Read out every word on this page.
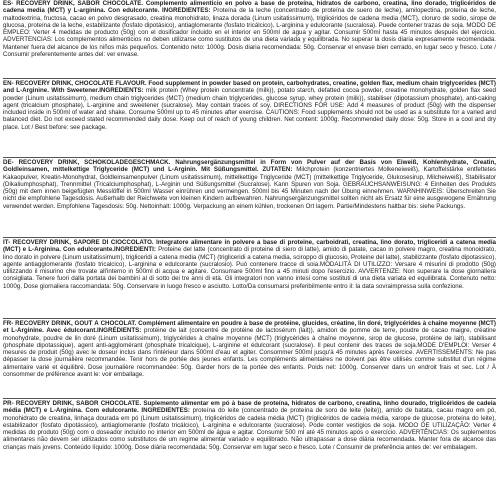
ES- RECOVERY DRINK, SABOR CHOCOLATE. Complemento alimenticio en polvo a base de proteína, hidratos de carbono, creatina, lino dorado, triglicéridos de cadena media (MCT) y L-arginina. Con edulcorante. INGREDIENTES: Proteína de la leche (concentrado de proteína de suero de leche), amilopectina, proteína de leche, maltodextrina, fructosa, cacao en polvo desgrasado, creatina monohidrato, linaza dorada (Linum usitatissimum), triglicéridos de cadena media (MCT), cloruro de sodio, sirope de glucosa, proteína de la leche, estabilizante (fosfato dipotásico), antiaglomerante (fosfato tricálcico), L-arginina y edulcorante (sucralosa). Puede contener trazas de soja. MODO DE EMPLEO: Verter 4 medidas de producto (50g) con el dosificador incluido en el interior en 500ml de agua y agitar. Consumir 500ml hasta 45 minutos después del ejercicio. ADVERTENCIAS: Los complementos alimenticios no deben utilizarse como sustitutos de una dieta variada y equilibrada. No superar la dosis diaria expresamente recomendada. Mantener fuera del alcance de los niños más pequeños. Contenido neto: 1000g. Dosis diaria recomendada: 50g. Conservar el envase bien cerrado, en lugar seco y fresco. Lote / Consumir preferentemente antes del: ver envase.
EN- RECOVERY DRINK, CHOCOLATE FLAVOUR. Food supplement in powder based on protein, carbohydrates, creatine, golden flax, medium chain triglycerides (MCT) and L-Arginine. With Sweetener.INGREDIENTS: milk protein (Whey protein concentrate (milk)), potato starch, defatted cocoa powder, creatine monohydrate, golden flax seed powder (Linum usitatissimum), medium chain triglycerides (MCT) (medium chain triglycerides, glucose syrup, whey protein (milk)), stabiliser (dipotassium phosphate), anti-caking agent (tricalcium phosphate), L-arginine and sweetener (sucralose). May contain traces of soy. DIRECTIONS FOR USE: Add 4 measures of product (50g) with the dispenser included inside in 500ml of water and shake. Consume 500ml up to 45 minutes after exercise. CAUTIONS: Food supplements should not be used as a substitute for a varied and balanced diet. Do not exceed stated recommended daily dose. Keep out of reach of young children. Net content: 1000g. Recommended daily dose: 50g. Store in a cool and dry place. Lot / Best before: see package.
DE- RECOVERY DRINK, SCHOKOLADEGESCHMACK. Nahrungsergänzungsmittel in Form von Pulver auf der Basis von Eiweiß, Kohlenhydrate, Creatin, Goldleinsamen, mittelkettige Triglyceride (MCT) und L-Arginin. Mit Süßungsmittel. ZUTATEN: Milchprotein (konzentriertes Molkeneiweiß), Kartoffelstärke entfettetes Kakaopulver, Kreatin-Monohydrat, Goldleinsamenpulver (Linum usitatissimum), mittelkettige Triglyceride (MCT) (mittelkettige Triglyceride, Glukosesirup, Milcheiweiß), Stabilisator (Dikaliumphosphat), Trennmittel (Tricalciumphosphat), L-Arginin und Süßungsmittel (Sucralose). Kann Spuren von Soja. GEBRAUCHSANWEISUNG: 4 Einheiten des Produkts (50g) mit dem innen beigefügten Messlöffel in 500ml Wasser einrühren und vermengen. 500ml bis 45 Minuten nach der Übung einnehmen. WARNHINWEIS: Überschreiten Sie nicht die empfohlene Tagesdosis. Außerhalb der Reichweite von kleinen Kindern aufbewahren. Nahrungsergänzungsmittel sollten nicht als Ersatz für eine ausgewogene Ernährung verwendet werden. Empfohlene Tagesdosis: 50g. Nettoinhalt: 1000g. Verpackung an einem kühlen, trockenen Ort lagern. Partie/Mindestens haltbar bis: siehe Packungs.
IT- RECOVERY DRINK, SAPORE DI CIOCCOLATO. Integratore alimentare in polvere a base di proteine, carboidrati, creatina, lino dorato, trigliceridi a catena media (MCT) e L-Arginina. Con edulcorante.INGREDIENTI: Proteine del latte (concentrato di proteine di siero di latte), amido di patate, cacao in polvere magro, creatina monoidrato, lino dorato in polvere (Linum usitatissimum), trigliceridi a catena media (MCT) (trigliceridi a catena media, sciroppo di glucosio, Proteine del latte), stabilizzante (fosfato dipotassico), agente antiagglomerante (fosfato tricalcico), L-arginina e edulcorante (sucralosio). Può contenere tracce di soia.MODALITÀ DI UTILIZZO: Versare 4 misurini di prodotto (50g) utilizzando il misurino che trovate all'interno in 500ml di acqua e agitare. Consumare 500ml fino a 45 minuti dopo l'esercizio. AVVERTENZE: Non superare la dose giornaliera consigliata. Tenere fuori dalla portata dei bambini al di sotto dei tre anni di età. Gli integratori non vanno intesi come sostituti di una dieta variata ed equilibrata. Contenuto netto: 1000g. Dose giornaliera raccomandata: 50g. Conservare in luogo fresco e asciutto. Lotto/Da consumarsi preferibilmente entro il: la data sovraimpressa sulla confezione.
FR- RECOVERY DRINK, GOÛT À CHOCOLAT. Complément alimentaire en poudre à base de protéine, glucides, créatine, lin doré, triglycérides à chaîne moyenne (MCT) et L-Arginine. Avec édulcorant.INGRÉDIENTS: protéine de lait (concentré de protéine de lactosérum (lait)), amidon de pomme de terre, poudre de cacao maigre, créatine monohydrate, poudre de lin doré (Linum usitatissimum), triglycérides à chaîne moyenne (MCT) (triglycérides à chaîne moyenne, sirop de glucose, protéine de lait), stabilisant (phosphate dipotassique), agent anti-agglomérant (phosphate tricalcique), L-arginine et édulcorant (sucralose). Il peut contenir des traces de soja.MODE D'EMPLOI: Verser 4 mesures de produit (50g) avec le doseur inclus dans l'intérieur dans 500ml d'eau et agiter. Consommer 500ml jusqu'à 45 minutes après l'exercice. AVERTISSEMENTS: Ne pas dépasser la dose journalière recommandée. Tenir hors de portée des jeunes enfants. Les compléments alimentaires ne doivent pas être utilisés comme substitut d'un régime alimentaire varié et équilibré. Dose journalière recommandée: 50g. Garder hors de la portée des enfants. Poids net: 1000g. Conserver dans un endroit frais et sec. Lot / À consommer de préférence avant le: voir emballage.
PR- RECOVERY DRINK, SABOR CHOCOLATE. Suplemento alimentar em pó à base de proteína, hidratos de carbono, creatina, linho dourado, triglicéridos de cadeia média (MCT) e L-Arginina. Com edulcorante. INGREDIENTES: proteína do leite (concentrado de proteína de soro de leite (leite)), amido de batata, cacau magro em pó, monohidrato de creatina, linhaça dourada em pó (Linum usitatissimum), triglicéridos de cadeia média (MCT) (triglicéridos de cadeia média, xarope de glucose, proteína do leite), estabilizador (fosfato dipotássico), antiaglomerante (fosfato tricálcico), L-arginina e edulcorante (sucralose). Pode conter vestígios de soja. MODO DE UTILIZAÇÃO: Verter 4 medidas do produto (50g) com o doseador incluído no interior em 500ml de água e agitar. Consumir 500 ml até 45 minutos após o exercício. ADVERTÊNCIAS: Os suplementos alimentares não devem ser utilizados como substitutos de um regime alimentar variado e equilibrado. Não ultrapassar a dose diária recomendada. Manter fora de alcance das crianças mais jovens. Conteúdo líquido: 1000g. Dose diária recomendada: 50g. Conservar em lugar seco e fresco. Lote / Consumir de preferência antes de: ver embalagem.
